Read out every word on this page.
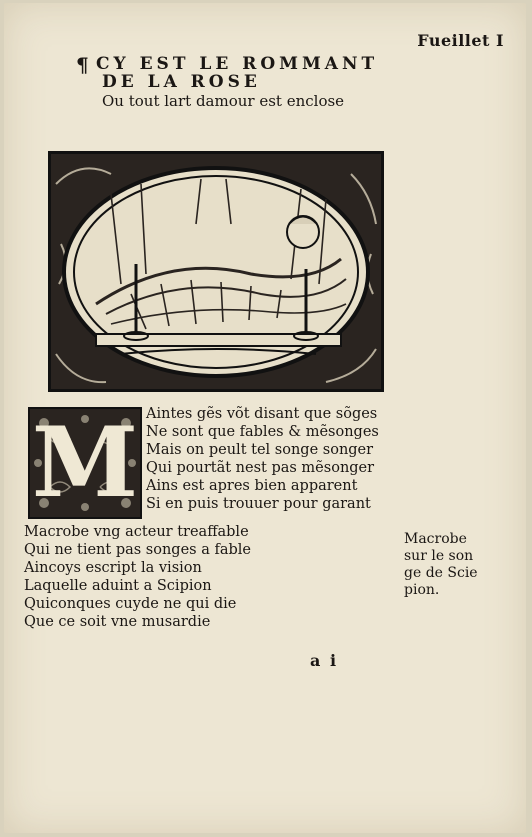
Fueillet I
¶ CY EST LE ROMMANT
DE LA ROSE
Ou tout lart damour est enclose
M Aintes gẽs võt disant que sõges
Ne sont que fables & mẽsonges
Mais on peult tel songe songer
Qui pourtãt nest pas mẽsonger
Ains est apres bien apparent
Si en puis trouuer pour garant
Macrobe vng acteur treaffable
Qui ne tient pas songes a fable
Aincoys escript la vision
Laquelle aduint a Scipion
Quiconques cuyde ne qui die
Que ce soit vne musardie
Macrobe
sur le son
ge de Scie
pion.
a i
